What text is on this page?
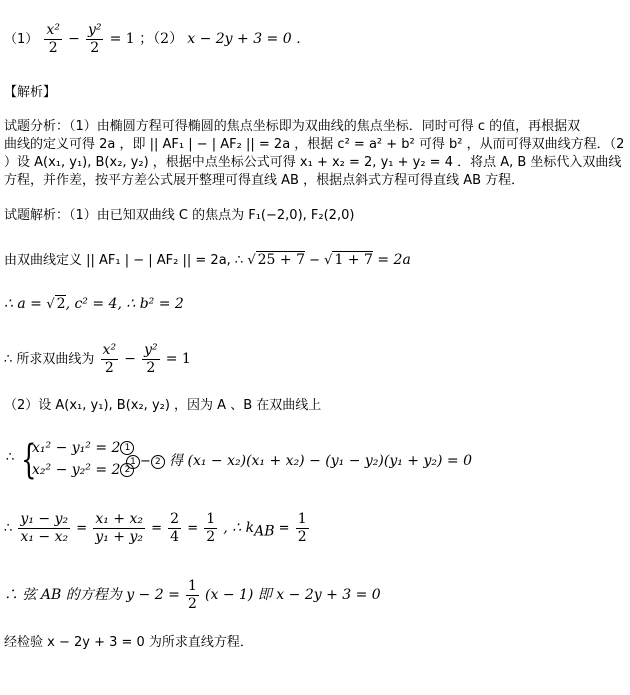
$(1) \frac{\text{x²}}{2} - \frac{\text{y²}}{2} = 1$ ；（2） x − 2y + 3 = 0 ．
【解析】
试题分析：（1）由椭圆方程可得椭圆的焦点坐标即为双曲线的焦点坐标．同时可得 c 的值，再根据双
曲线的定义可得 2a ，即 || AF₁ | − | AF₂ || = 2a ，根据 c² = a² + b² 可得 b² ，从而可得双曲线方程．（2
）设 A(x₁, y₁), B(x₂, y₂) ，根据中点坐标公式可得 x₁ + x₂ = 2, y₁ + y₂ = 4 ．将点 A, B 坐标代入双曲线
方程，并作差，按平方差公式展开整理可得直线 AB ，根据点斜式方程可得直线 AB 方程．
试题解析：（1）由已知双曲线 C 的焦点为 F₁(−2,0), F₂(2,0)
由双曲线定义 || AF₁ | − | AF₂ || = 2a, ∴ √ 25 + 7 − √ 1 + 7 = 2a
∴ a = √ 2, c² = 4, ∴ b² = 2
∴ 所求双曲线为 $\frac{\text{x²}}{2} - \frac{\text{y²}}{2} = 1$
（2）设 A(x₁, y₁), B(x₂, y₂) ，因为 A 、B 在双曲线上
∴ {
x₁² − y₁² = 2 1
x₂² − y₂² = 2 2
1 − 2 得 (x₁ − x₂)(x₁ + x₂) − (y₁ − y₂)(y₁ + y₂) = 0
∴ $\frac{\text{y₁ − y₂}}{\text{x₁ − x₂}} = \frac{\text{x₁ + x₂}}{\text{y₁ + y₂}} = \frac{2}{4} = \frac{1}{2}$ , ∴ $k_{AB} = \frac{1}{2}$
∴ 弦 AB 的方程为 $y - 2 = \frac{1}{2} (x - 1)$ 即 x − 2y + 3 = 0
经检验 x − 2y + 3 = 0 为所求直线方程．
